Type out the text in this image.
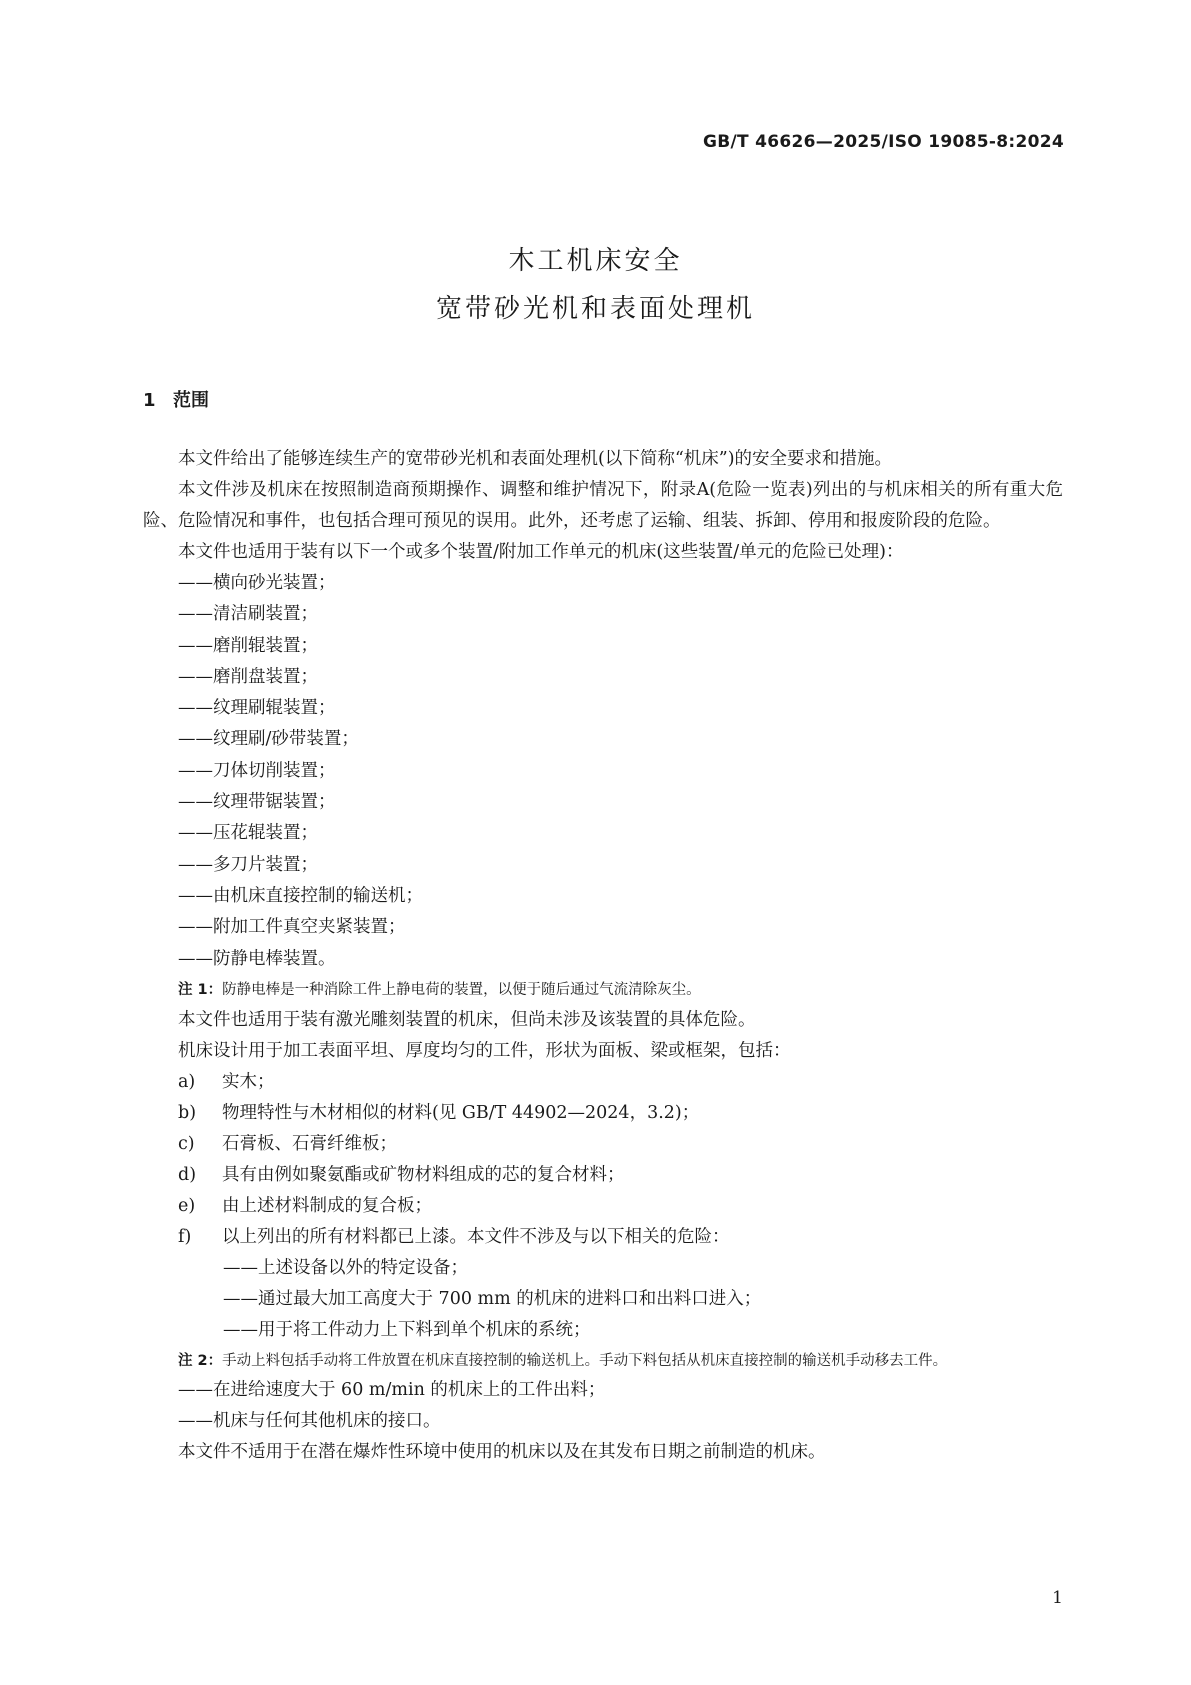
GB/T 46626—2025/ISO 19085-8:2024
木工机床安全
宽带砂光机和表面处理机
1 范围

本文件给出了能够连续生产的宽带砂光机和表面处理机(以下简称“机床”)的安全要求和措施。

本文件涉及机床在按照制造商预期操作、调整和维护情况下，附录A(危险一览表)列出的与机床相关的所有重大危险、危险情况和事件，也包括合理可预见的误用。此外，还考虑了运输、组装、拆卸、停用和报废阶段的危险。

本文件也适用于装有以下一个或多个装置/附加工作单元的机床(这些装置/单元的危险已处理)：

——横向砂光装置；

——清洁刷装置；

——磨削辊装置；

——磨削盘装置；

——纹理刷辊装置；

——纹理刷/砂带装置；

——刀体切削装置；

——纹理带锯装置；

——压花辊装置；

——多刀片装置；

——由机床直接控制的输送机；

——附加工件真空夹紧装置；

——防静电棒装置。

注 1：防静电棒是一种消除工件上静电荷的装置，以便于随后通过气流清除灰尘。

本文件也适用于装有激光雕刻装置的机床，但尚未涉及该装置的具体危险。

机床设计用于加工表面平坦、厚度均匀的工件，形状为面板、梁或框架，包括：

a)	实木；

b)	物理特性与木材相似的材料(见 GB/T 44902—2024，3.2)；

c)	石膏板、石膏纤维板；

d)	具有由例如聚氨酯或矿物材料组成的芯的复合材料；

e)	由上述材料制成的复合板；

f)	以上列出的所有材料都已上漆。本文件不涉及与以下相关的危险：

——上述设备以外的特定设备；

——通过最大加工高度大于 700 mm 的机床的进料口和出料口进入；

——用于将工件动力上下料到单个机床的系统；

注 2：手动上料包括手动将工件放置在机床直接控制的输送机上。手动下料包括从机床直接控制的输送机手动移去工件。

——在进给速度大于 60 m/min 的机床上的工件出料；

——机床与任何其他机床的接口。

本文件不适用于在潜在爆炸性环境中使用的机床以及在其发布日期之前制造的机床。

1
